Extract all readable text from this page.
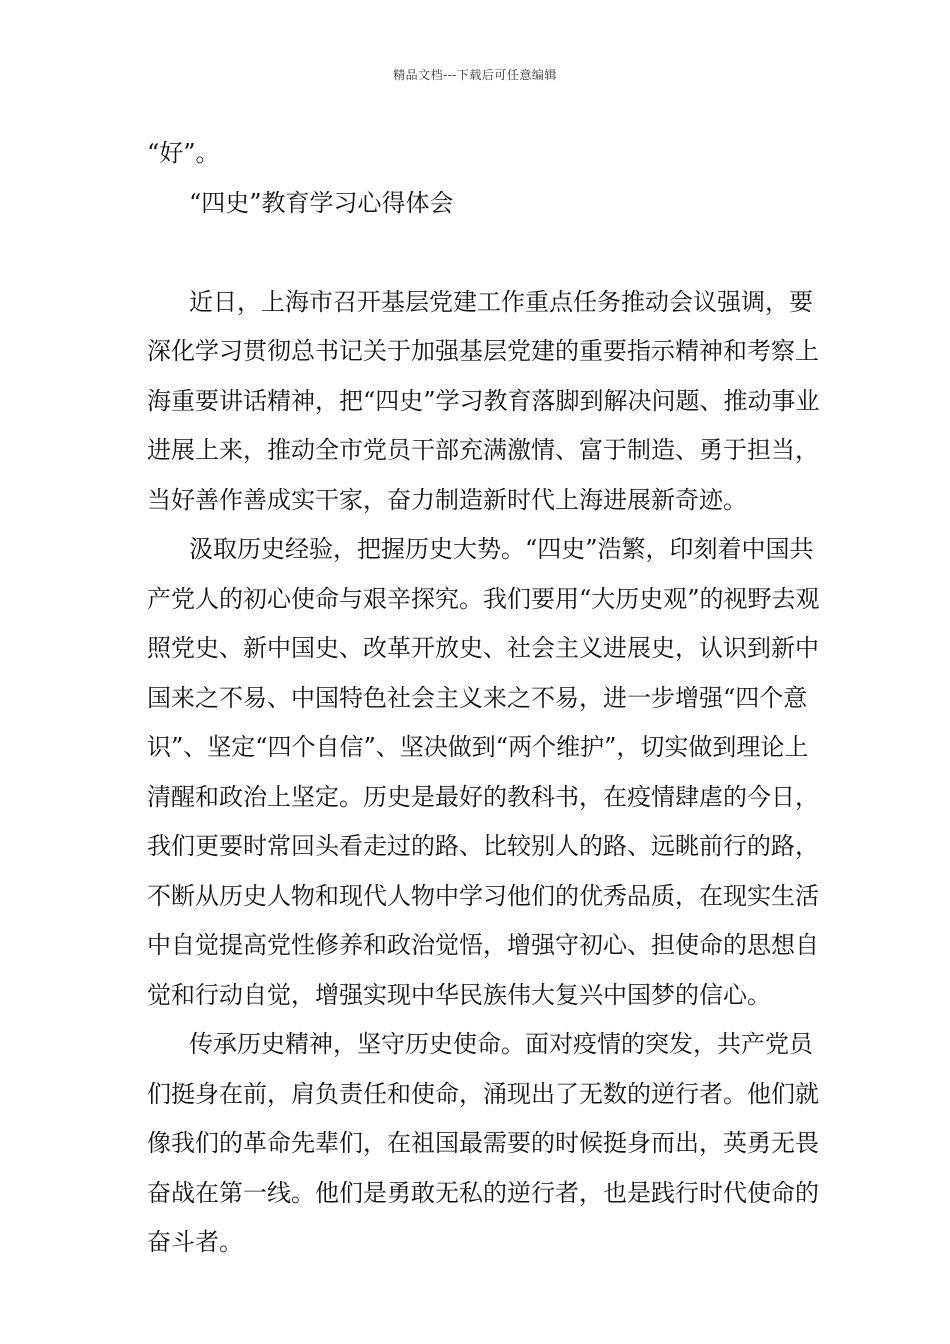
精品文档---下载后可任意编辑

“好”。

“四史”教育学习心得体会

近日，上海市召开基层党建工作重点任务推动会议强调，要深化学习贯彻总书记关于加强基层党建的重要指示精神和考察上海重要讲话精神，把“四史”学习教育落脚到解决问题、推动事业进展上来，推动全市党员干部充满激情、富于制造、勇于担当，当好善作善成实干家，奋力制造新时代上海进展新奇迹。

汲取历史经验，把握历史大势。“四史”浩繁，印刻着中国共产党人的初心使命与艰辛探究。我们要用“大历史观”的视野去观照党史、新中国史、改革开放史、社会主义进展史，认识到新中国来之不易、中国特色社会主义来之不易，进一步增强“四个意识”、坚定“四个自信”、坚决做到“两个维护”，切实做到理论上清醒和政治上坚定。历史是最好的教科书，在疫情肆虐的今日，我们更要时常回头看走过的路、比较别人的路、远眺前行的路，不断从历史人物和现代人物中学习他们的优秀品质，在现实生活中自觉提高党性修养和政治觉悟，增强守初心、担使命的思想自觉和行动自觉，增强实现中华民族伟大复兴中国梦的信心。

传承历史精神，坚守历史使命。面对疫情的突发，共产党员们挺身在前，肩负责任和使命，涌现出了无数的逆行者。他们就像我们的革命先辈们，在祖国最需要的时候挺身而出，英勇无畏奋战在第一线。他们是勇敢无私的逆行者，也是践行时代使命的奋斗者。
